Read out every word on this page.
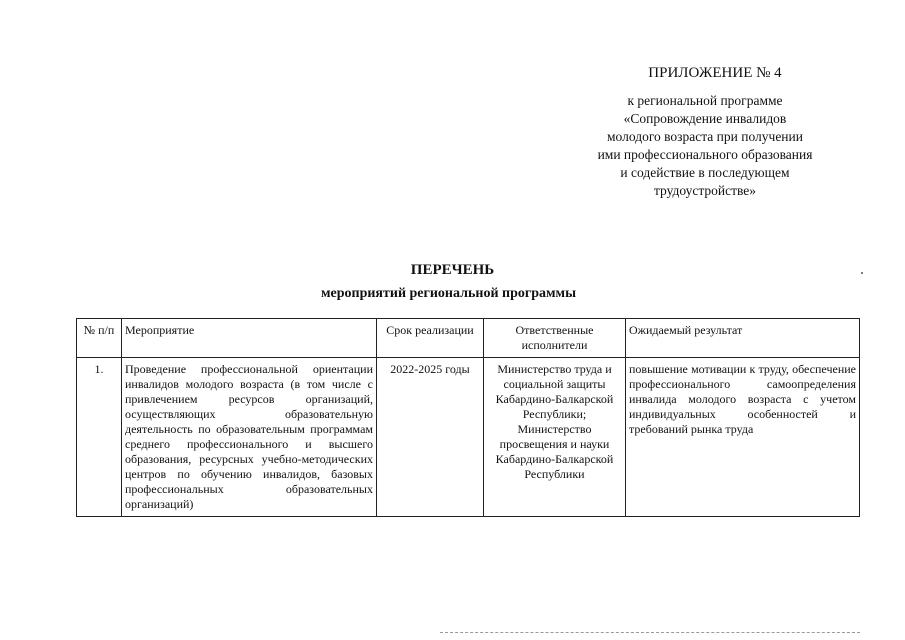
ПРИЛОЖЕНИЕ № 4
к региональной программе
«Сопровождение инвалидов
молодого возраста при получении
ими профессионального образования
и содействие в последующем
трудоустройстве»
ПЕРЕЧЕНЬ
мероприятий региональной программы
№ п/п	Мероприятие	Срок реализации	Ответственные исполнители	Ожидаемый результат
1.	Проведение профессиональной ориентации инвалидов молодого возраста (в том числе с привлечением ресурсов организаций, осуществляющих образовательную деятельность по образовательным программам среднего профессионального и высшего образования, ресурсных учебно-методических центров по обучению инвалидов, базовых профессиональных образовательных организаций)	2022-2025 годы	Министерство труда и социальной защиты Кабардино-Балкарской Республики; Министерство просвещения и науки Кабардино-Балкарской Республики	повышение мотивации к труду, обеспечение профессионального самоопределения инвалида молодого возраста с учетом индивидуальных особенностей и требований рынка труда
